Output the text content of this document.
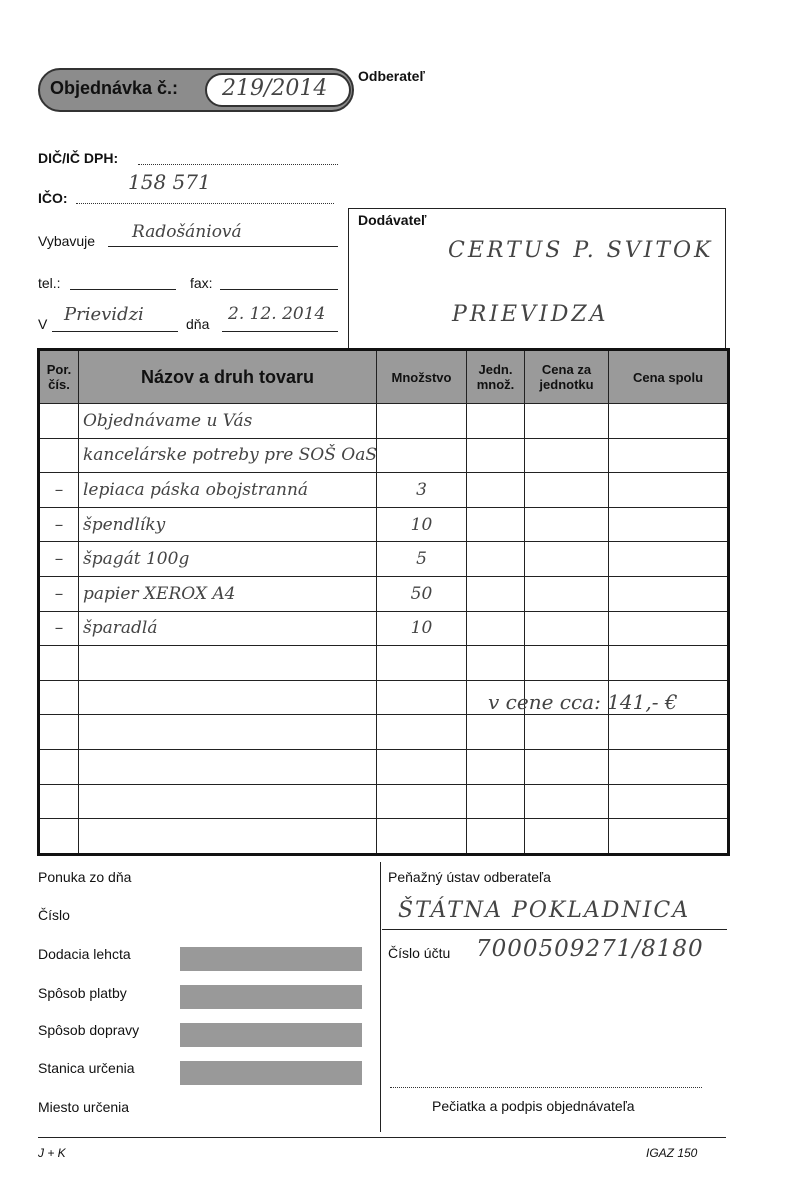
Objednávka č.: 219/2014 Odberateľ
DIČ/IČ DPH:
158 571
IČO:
Vybavuje Radošániová
tel.:	fax:
V Prievidzi	dňa 2. 12. 2014
Dodávateľ
CERTUS P. SVITOK
PRIEVIDZA
Por. čís.	Názov a druh tovaru	Množstvo	Jedn. množ.	Cena za jednotku	Cena spolu
	Objednávame u Vás				
	kancelárske potreby pre SOŠ OaS				
–	lepiaca páska obojstranná	3			
–	špendlíky	10			
–	špagát 100g	5			
–	papier XEROX A4	50			
–	šparadlá	10			

v cene cca: 141,- €
Ponuka zo dňa
Číslo
Dodacia lehcta
Spôsob platby
Spôsob dopravy
Stanica určenia
Miesto určenia
Peňažný ústav odberateľa
ŠTÁTNA POKLADNICA
Číslo účtu 7000509271/8180
Pečiatka a podpis objednávateľa
J + K	IGAZ 150
